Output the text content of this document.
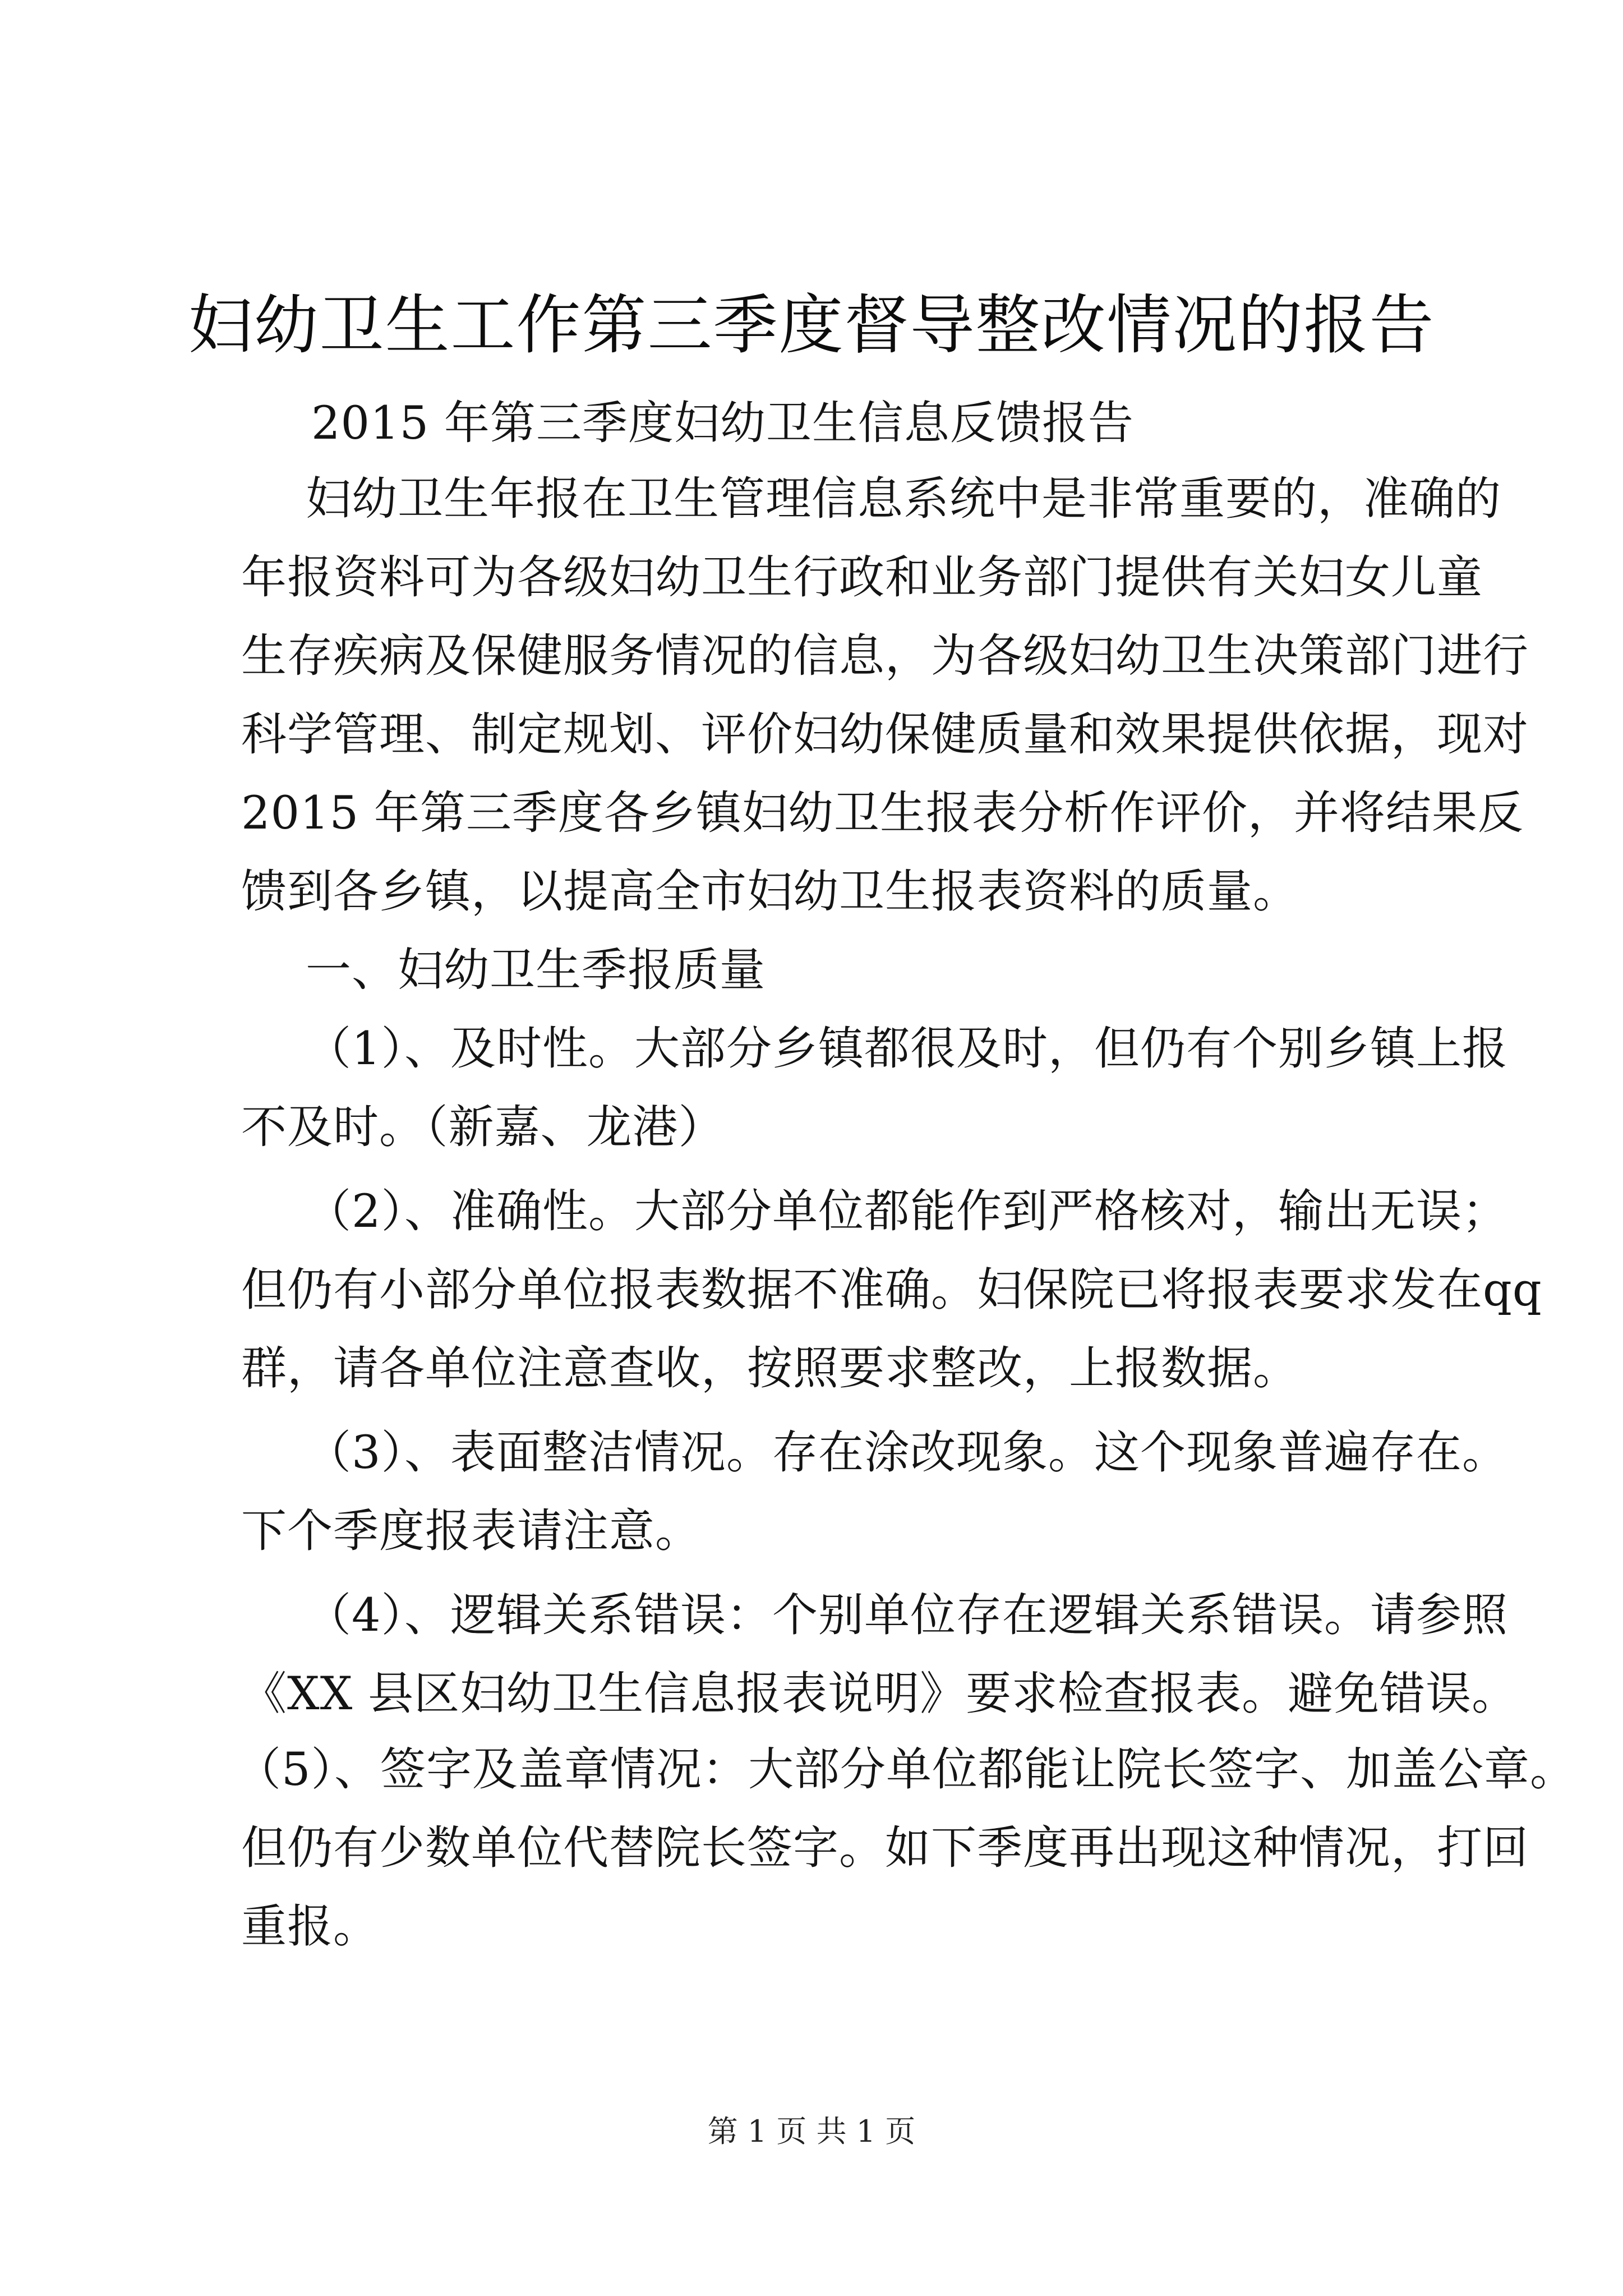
妇幼卫生工作第三季度督导整改情况的报告
2015 年第三季度妇幼卫生信息反馈报告
妇幼卫生年报在卫生管理信息系统中是非常重要的，准确的
年报资料可为各级妇幼卫生行政和业务部门提供有关妇女儿童
生存疾病及保健服务情况的信息，为各级妇幼卫生决策部门进行
科学管理、制定规划、评价妇幼保健质量和效果提供依据，现对
2015 年第三季度各乡镇妇幼卫生报表分析作评价，并将结果反
馈到各乡镇，以提高全市妇幼卫生报表资料的质量。
一、妇幼卫生季报质量
（1）、及时性。大部分乡镇都很及时，但仍有个别乡镇上报
不及时。（新嘉、龙港）
（2）、准确性。大部分单位都能作到严格核对，输出无误；
但仍有小部分单位报表数据不准确。妇保院已将报表要求发在qq
群，请各单位注意查收，按照要求整改，上报数据。
（3）、表面整洁情况。存在涂改现象。这个现象普遍存在。
下个季度报表请注意。
（4）、逻辑关系错误：个别单位存在逻辑关系错误。请参照
《XX 县区妇幼卫生信息报表说明》要求检查报表。避免错误。
（5）、签字及盖章情况：大部分单位都能让院长签字、加盖公章。
但仍有少数单位代替院长签字。如下季度再出现这种情况，打回
重报。
第 1 页 共 1 页
